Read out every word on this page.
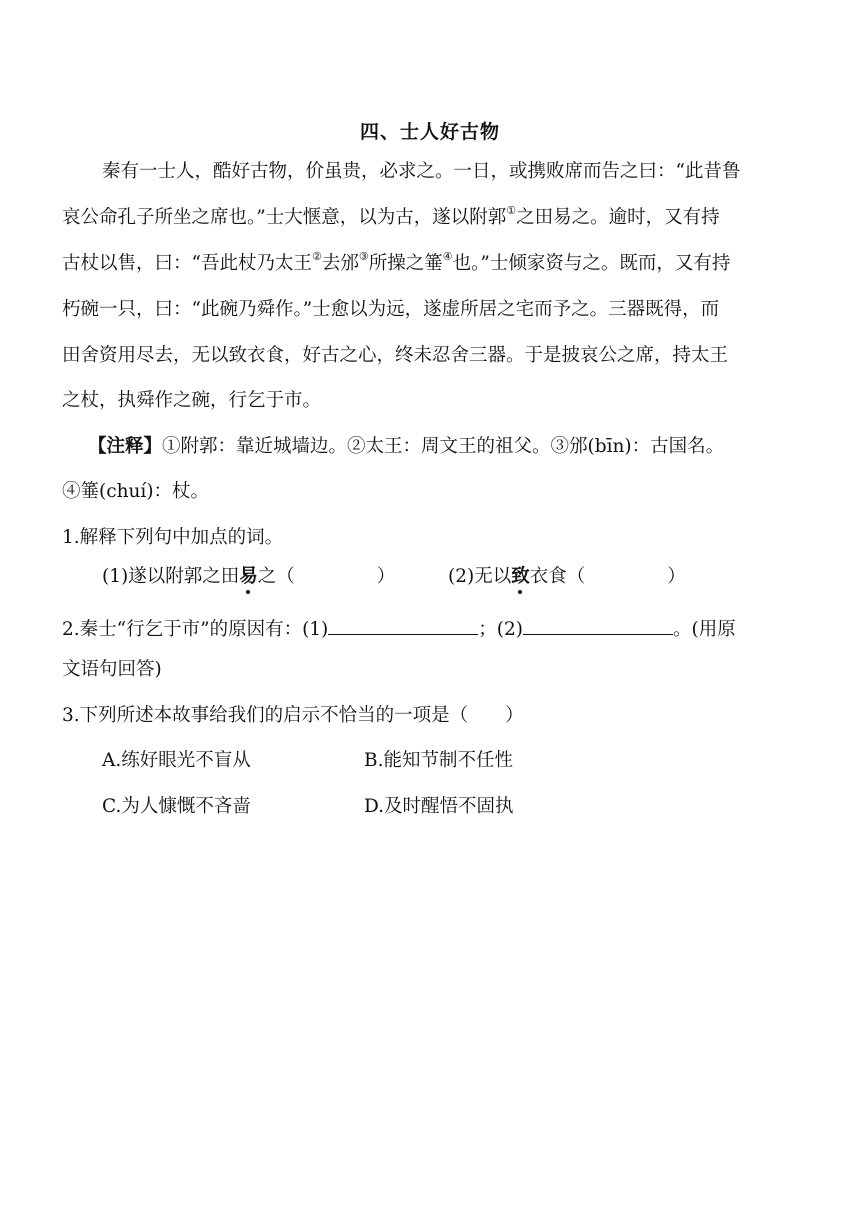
四、士人好古物
秦有一士人，酷好古物，价虽贵，必求之。一日，或携败席而告之曰：“此昔鲁
哀公命孔子所坐之席也。”士大惬意，以为古，遂以附郭①之田易之。逾时，又有持
古杖以售，曰：“吾此杖乃太王②去邠③所操之箠④也。”士倾家资与之。既而，又有持
朽碗一只，曰：“此碗乃舜作。”士愈以为远，遂虚所居之宅而予之。三器既得，而
田舍资用尽去，无以致衣食，好古之心，终未忍舍三器。于是披哀公之席，持太王
之杖，执舜作之碗，行乞于市。
【注释】①附郭：靠近城墙边。②太王：周文王的祖父。③邠(bīn)：古国名。
④箠(chuí)：杖。
1.解释下列句中加点的词。
(1)遂以附郭之田易之（	）	(2)无以致衣食（	）
2.秦士“行乞于市”的原因有：(1)	；(2)	。(用原
文语句回答)
3.下列所述本故事给我们的启示不恰当的一项是（　　）
A.练好眼光不盲从	B.能知节制不任性
C.为人慷慨不吝啬	D.及时醒悟不固执
